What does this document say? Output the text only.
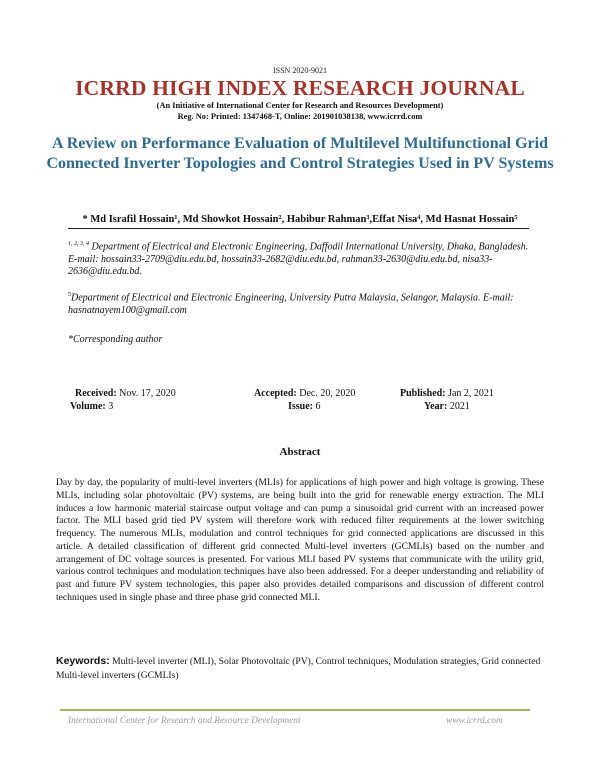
ISSN 2020-9021
ICRRD HIGH INDEX RESEARCH JOURNAL
(An Initiative of International Center for Research and Resources Development)
Reg. No: Printed: 1347468-T, Online: 201901038138, www.icrrd.com
A Review on Performance Evaluation of Multilevel Multifunctional Grid Connected Inverter Topologies and Control Strategies Used in PV Systems
* Md Israfil Hossain¹, Md Showkot Hossain², Habibur Rahman³,Effat Nisa⁴, Md Hasnat Hossain⁵
$^{1, 2, 3, 4}$ Department of Electrical and Electronic Engineering, Daffodil International University, Dhaka, Bangladesh. E-mail: hossain33-2709@diu.edu.bd, hossain33-2682@diu.edu.bd, rahman33-2630@diu.edu.bd, nisa33-2636@diu.edu.bd.
$^5$Department of Electrical and Electronic Engineering, University Putra Malaysia, Selangor, Malaysia. E-mail: hasnatnayem100@gmail.com
*Corresponding author
Received: Nov. 17, 2020	Accepted: Dec. 20, 2020	Published: Jan 2, 2021
Volume: 3	Issue: 6	Year: 2021
Abstract
Day by day, the popularity of multi-level inverters (MLIs) for applications of high power and high voltage is growing. These MLIs, including solar photovoltaic (PV) systems, are being built into the grid for renewable energy extraction. The MLI induces a low harmonic material staircase output voltage and can pump a sinusoidal grid current with an increased power factor. The MLI based grid tied PV system will therefore work with reduced filter requirements at the lower switching frequency. The numerous MLIs, modulation and control techniques for grid connected applications are discussed in this article. A detailed classification of different grid connected Multi-level inverters (GCMLIs) based on the number and arrangement of DC voltage sources is presented. For various MLI based PV systems that communicate with the utility grid, various control techniques and modulation techniques have also been addressed. For a deeper understanding and reliability of past and future PV system technologies, this paper also provides detailed comparisons and discussion of different control techniques used in single phase and three phase grid connected MLI.
Keywords: Multi-level inverter (MLI), Solar Photovoltaic (PV), Control techniques, Modulation strategies, Grid connected Multi-level inverters (GCMLIs)
International Center for Research and Resource Development	www.icrrd.com
